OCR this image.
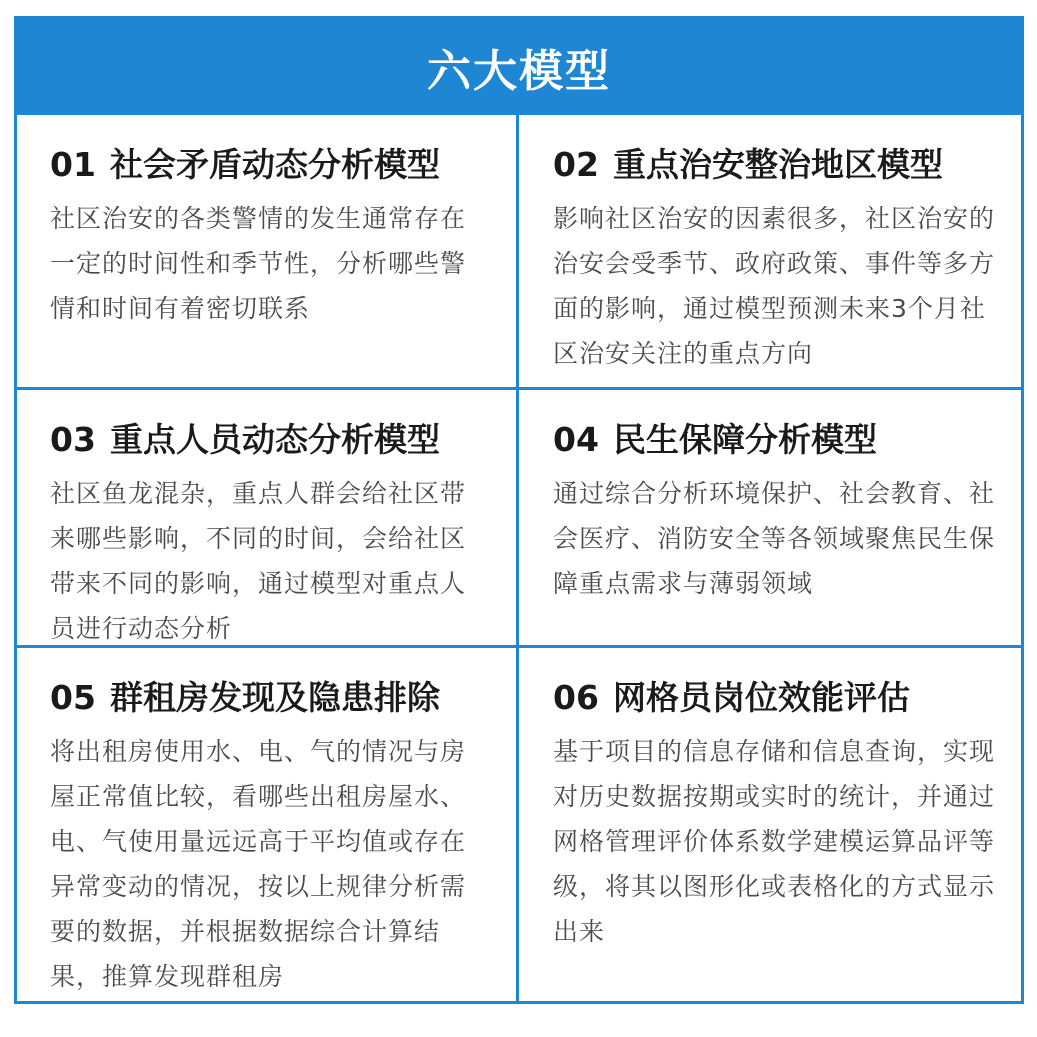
六大模型
01 社会矛盾动态分析模型
社区治安的各类警情的发生通常存在一定的时间性和季节性，分析哪些警情和时间有着密切联系
02 重点治安整治地区模型
影响社区治安的因素很多，社区治安的治安会受季节、政府政策、事件等多方面的影响，通过模型预测未来3个月社区治安关注的重点方向
03 重点人员动态分析模型
社区鱼龙混杂，重点人群会给社区带来哪些影响，不同的时间，会给社区带来不同的影响，通过模型对重点人员进行动态分析
04 民生保障分析模型
通过综合分析环境保护、社会教育、社会医疗、消防安全等各领域聚焦民生保障重点需求与薄弱领域
05 群租房发现及隐患排除
将出租房使用水、电、气的情况与房屋正常值比较，看哪些出租房屋水、电、气使用量远远高于平均值或存在异常变动的情况，按以上规律分析需要的数据，并根据数据综合计算结果，推算发现群租房
06 网格员岗位效能评估
基于项目的信息存储和信息查询，实现对历史数据按期或实时的统计，并通过网格管理评价体系数学建模运算品评等级，将其以图形化或表格化的方式显示出来
